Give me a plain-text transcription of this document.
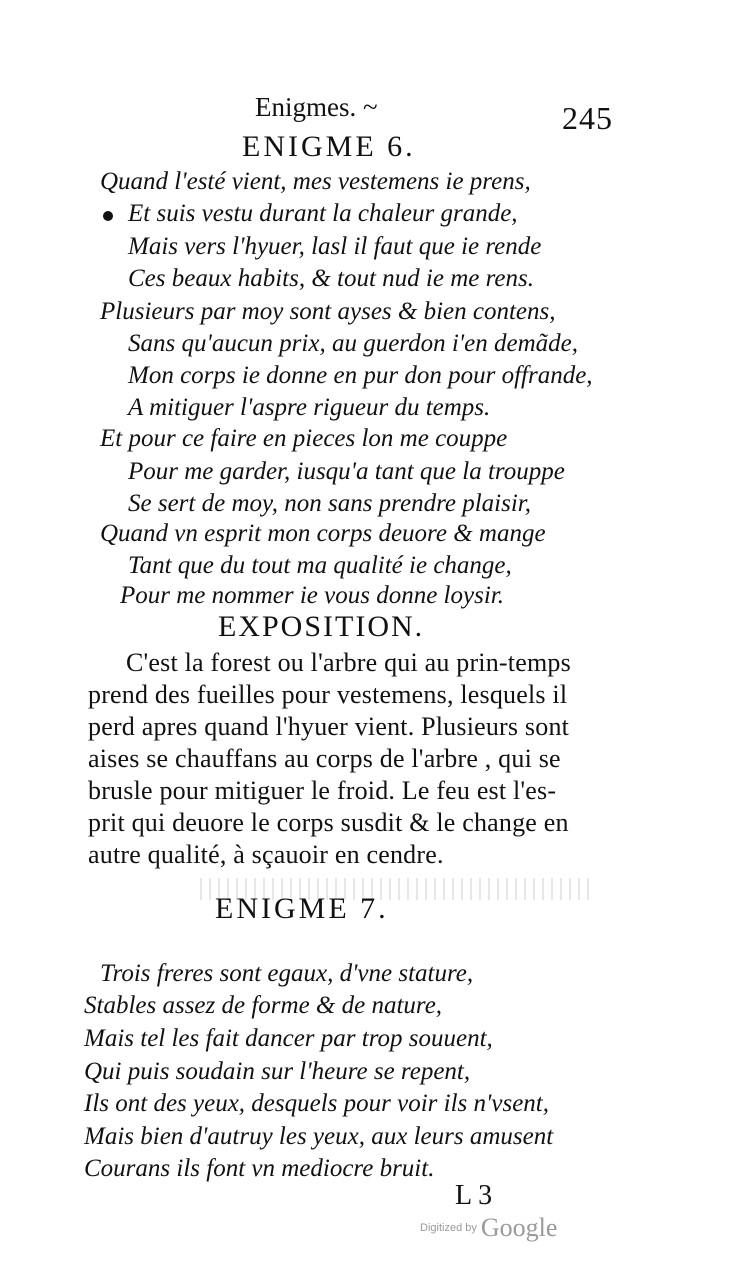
Enigmes. ~	245
ENIGME 6.
Quand l'esté vient, mes vestemens ie prens,
Et suis vestu durant la chaleur grande,
Mais vers l'hyuer, lasl il faut que ie rende
Ces beaux habits, & tout nud ie me rens.
Plusieurs par moy sont ayses & bien contens,
Sans qu'aucun prix, au guerdon i'en demãde,
Mon corps ie donne en pur don pour offrande,
A mitiguer l'aspre rigueur du temps.
Et pour ce faire en pieces lon me couppe
Pour me garder, iusqu'a tant que la trouppe
Se sert de moy, non sans prendre plaisir,
Quand vn esprit mon corps deuore & mange
Tant que du tout ma qualité ie change,
Pour me nommer ie vous donne loysir.
EXPOSITION.
C'est la forest ou l'arbre qui au prin-temps
prend des fueilles pour vestemens, lesquels il
perd apres quand l'hyuer vient. Plusieurs sont
aises se chauffans au corps de l'arbre , qui se
brusle pour mitiguer le froid. Le feu est l'es-
prit qui deuore le corps susdit & le change en
autre qualité, à sçauoir en cendre.
ENIGME 7.
Trois freres sont egaux, d'vne stature,
Stables assez de forme & de nature,
Mais tel les fait dancer par trop souuent,
Qui puis soudain sur l'heure se repent,
Ils ont des yeux, desquels pour voir ils n'vsent,
Mais bien d'autruy les yeux, aux leurs amusent
Courans ils font vn mediocre bruit.
L 3
Digitized by Google
